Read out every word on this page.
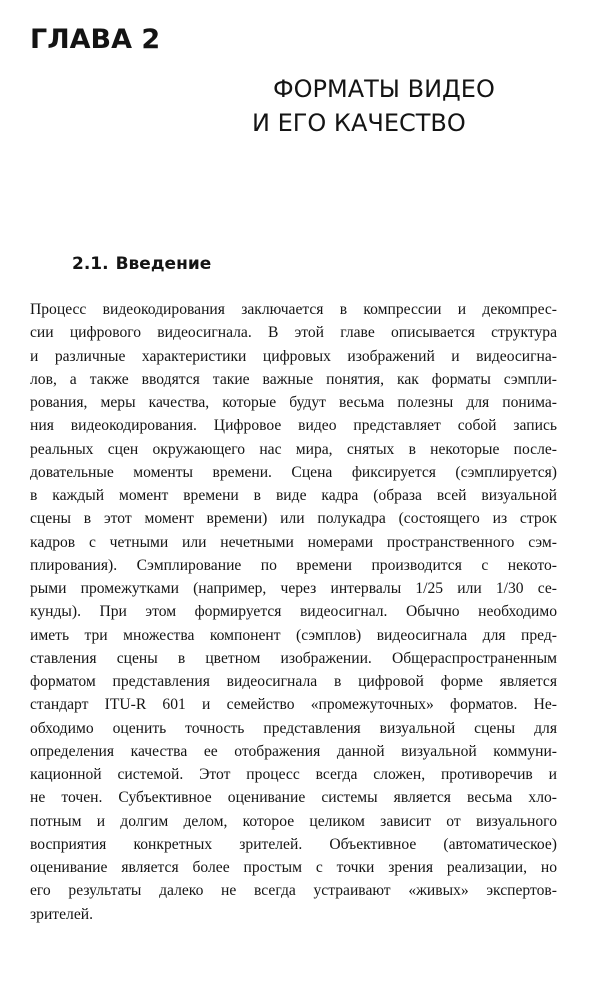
ГЛАВА 2
ФОРМАТЫ ВИДЕО
И ЕГО КАЧЕСТВО
2.1. Введение
Процесс видеокодирования заключается в компрессии и декомпрес-
сии цифрового видеосигнала. В этой главе описывается структура
и различные характеристики цифровых изображений и видеосигна-
лов, а также вводятся такие важные понятия, как форматы сэмпли-
рования, меры качества, которые будут весьма полезны для понима-
ния видеокодирования. Цифровое видео представляет собой запись
реальных сцен окружающего нас мира, снятых в некоторые после-
довательные моменты времени. Сцена фиксируется (сэмплируется)
в каждый момент времени в виде кадра (образа всей визуальной
сцены в этот момент времени) или полукадра (состоящего из строк
кадров с четными или нечетными номерами пространственного сэм-
плирования). Сэмплирование по времени производится с некото-
рыми промежутками (например, через интервалы 1/25 или 1/30 се-
кунды). При этом формируется видеосигнал. Обычно необходимо
иметь три множества компонент (сэмплов) видеосигнала для пред-
ставления сцены в цветном изображении. Общераспространенным
форматом представления видеосигнала в цифровой форме является
стандарт ITU-R 601 и семейство «промежуточных» форматов. Не-
обходимо оценить точность представления визуальной сцены для
определения качества ее отображения данной визуальной коммуни-
кационной системой. Этот процесс всегда сложен, противоречив и
не точен. Субъективное оценивание системы является весьма хло-
потным и долгим делом, которое целиком зависит от визуального
восприятия конкретных зрителей. Объективное (автоматическое)
оценивание является более простым с точки зрения реализации, но
его результаты далеко не всегда устраивают «живых» экспертов-
зрителей.
